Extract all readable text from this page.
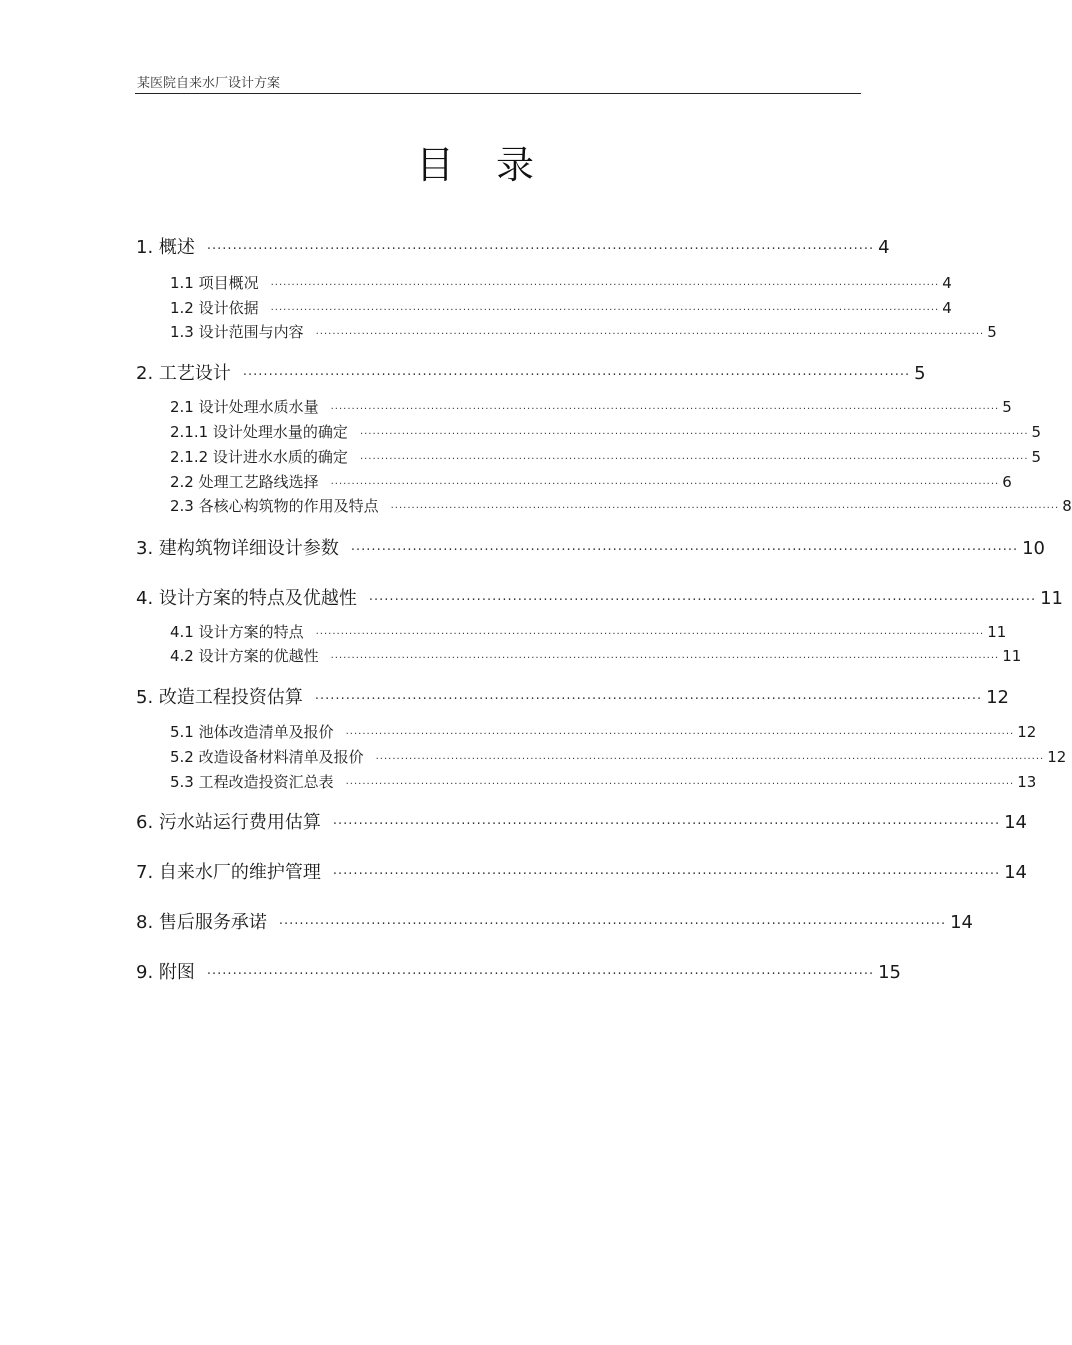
某医院自来水厂设计方案
目录
1. 概述 ·································································································································· 4
1.1 项目概况 ································································································································································ 4
1.2 设计依据 ································································································································································ 4
1.3 设计范围与内容 ································································································································································ 5
2. 工艺设计 ·································································································································· 5
2.1 设计处理水质水量 ································································································································································ 5
2.1.1 设计处理水量的确定 ································································································································································ 5
2.1.2 设计进水水质的确定 ································································································································································ 5
2.2 处理工艺路线选择 ································································································································································ 6
2.3 各核心构筑物的作用及特点 ································································································································································ 8
3. 建构筑物详细设计参数 ·································································································································· 10
4. 设计方案的特点及优越性 ·································································································································· 11
4.1 设计方案的特点 ································································································································································ 11
4.2 设计方案的优越性 ································································································································································ 11
5. 改造工程投资估算 ·································································································································· 12
5.1 池体改造清单及报价 ································································································································································ 12
5.2 改造设备材料清单及报价 ································································································································································ 12
5.3 工程改造投资汇总表 ································································································································································ 13
6. 污水站运行费用估算 ·································································································································· 14
7. 自来水厂的维护管理 ·································································································································· 14
8. 售后服务承诺 ·································································································································· 14
9. 附图 ·································································································································· 15
